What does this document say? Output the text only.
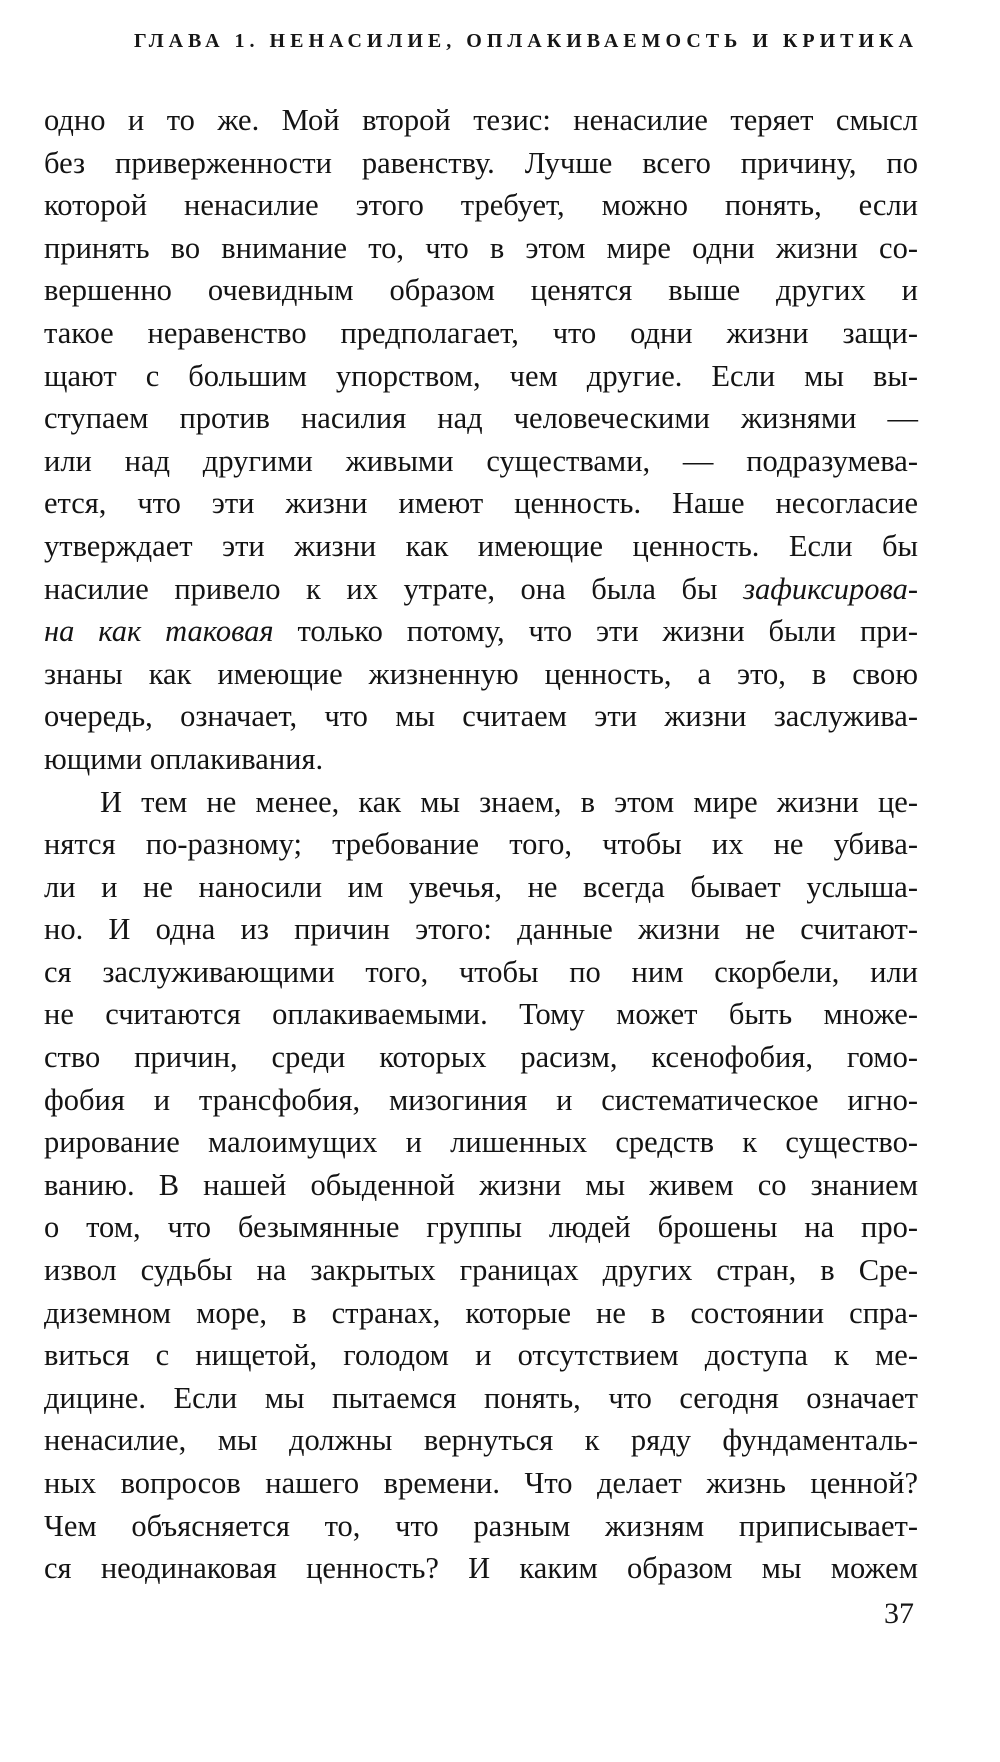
ГЛАВА 1. НЕНАСИЛИЕ, ОПЛАКИВАЕМОСТЬ И КРИТИКА
одно и то же. Мой второй тезис: ненасилие теряет смысл
без приверженности равенству. Лучше всего причину, по
которой ненасилие этого требует, можно понять, если
принять во внимание то, что в этом мире одни жизни со-
вершенно очевидным образом ценятся выше других и
такое неравенство предполагает, что одни жизни защи-
щают с большим упорством, чем другие. Если мы вы-
ступаем против насилия над человеческими жизнями —
или над другими живыми существами, — подразумева-
ется, что эти жизни имеют ценность. Наше несогласие
утверждает эти жизни как имеющие ценность. Если бы
насилие привело к их утрате, она была бы зафиксирова-
на как таковая только потому, что эти жизни были при-
знаны как имеющие жизненную ценность, а это, в свою
очередь, означает, что мы считаем эти жизни заслужива-
ющими оплакивания.
И тем не менее, как мы знаем, в этом мире жизни це-
нятся по-разному; требование того, чтобы их не убива-
ли и не наносили им увечья, не всегда бывает услыша-
но. И одна из причин этого: данные жизни не считают-
ся заслуживающими того, чтобы по ним скорбели, или
не считаются оплакиваемыми. Тому может быть множе-
ство причин, среди которых расизм, ксенофобия, гомо-
фобия и трансфобия, мизогиния и систематическое игно-
рирование малоимущих и лишенных средств к существо-
ванию. В нашей обыденной жизни мы живем со знанием
о том, что безымянные группы людей брошены на про-
извол судьбы на закрытых границах других стран, в Сре-
диземном море, в странах, которые не в состоянии спра-
виться с нищетой, голодом и отсутствием доступа к ме-
дицине. Если мы пытаемся понять, что сегодня означает
ненасилие, мы должны вернуться к ряду фундаменталь-
ных вопросов нашего времени. Что делает жизнь ценной?
Чем объясняется то, что разным жизням приписывает-
ся неодинаковая ценность? И каким образом мы можем
37
